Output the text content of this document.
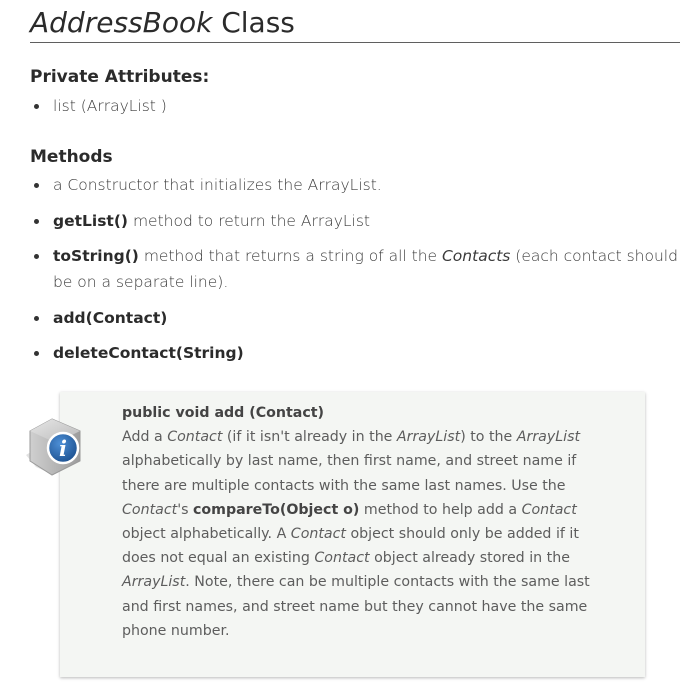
AddressBook Class
Private Attributes:
list (ArrayList )
Methods
a Constructor that initializes the ArrayList.
getList() method to return the ArrayList
toString() method that returns a string of all the Contacts (each contact should be on a separate line).
add(Contact)
deleteContact(String)
public void add (Contact)
Add a Contact (if it isn't already in the ArrayList) to the ArrayList alphabetically by last name, then first name, and street name if there are multiple contacts with the same last names. Use the Contact's compareTo(Object o) method to help add a Contact object alphabetically. A Contact object should only be added if it does not equal an existing Contact object already stored in the ArrayList. Note, there can be multiple contacts with the same last and first names, and street name but they cannot have the same phone number.
i
